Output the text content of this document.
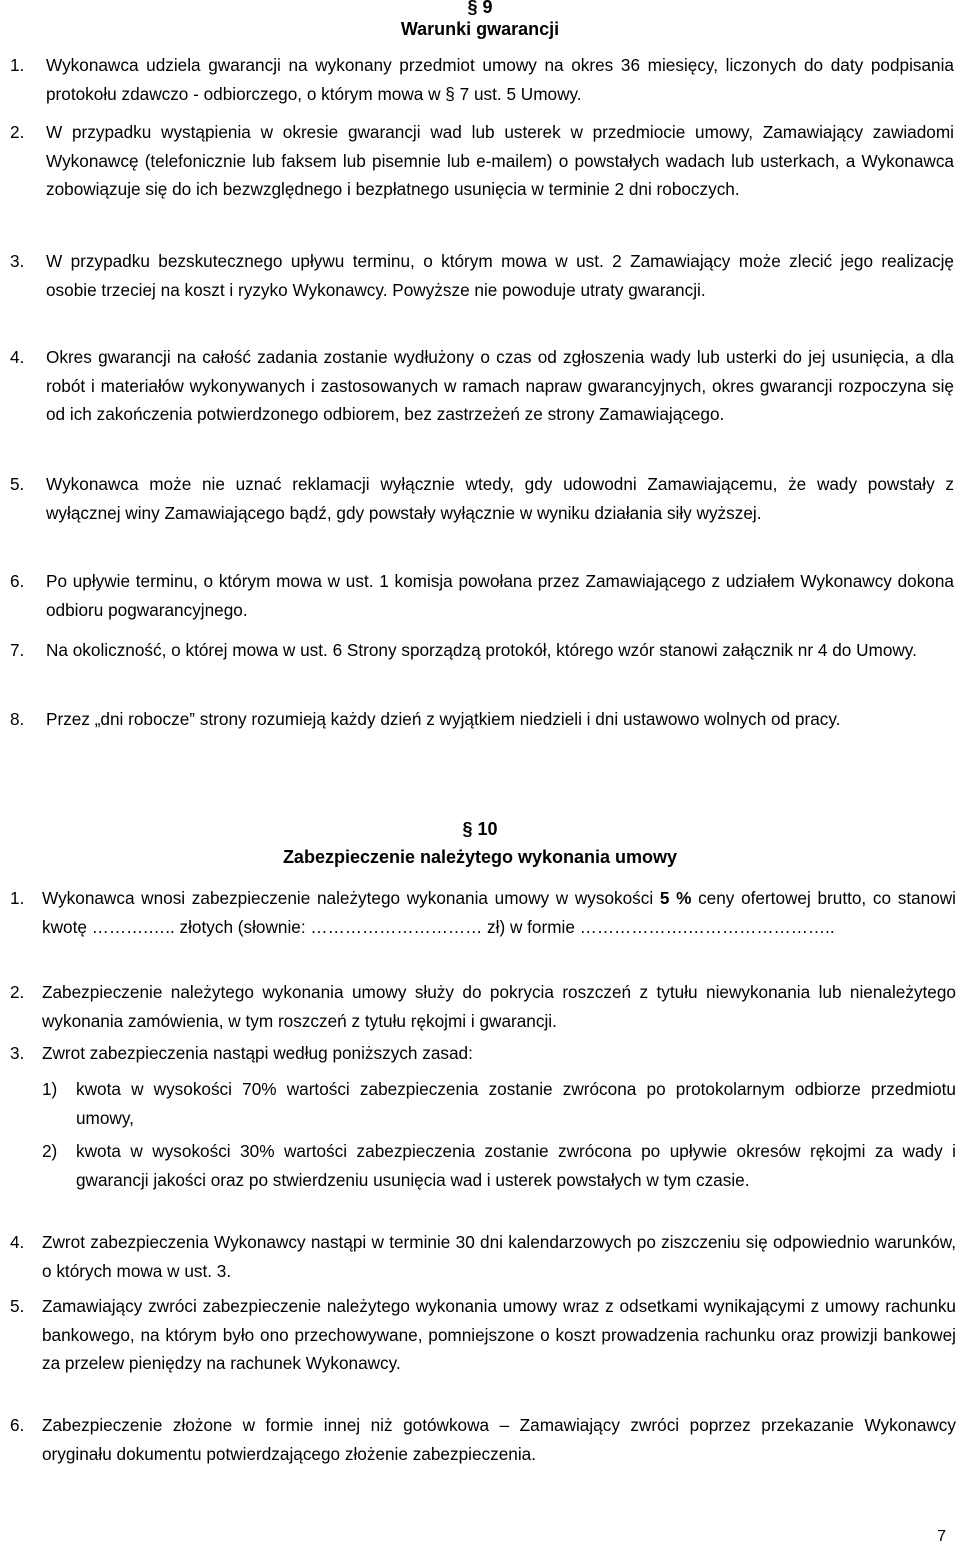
§ 9
Warunki gwarancji
1. Wykonawca udziela gwarancji na wykonany przedmiot umowy na okres 36 miesięcy, liczonych do daty podpisania protokołu zdawczo - odbiorczego, o którym mowa w § 7 ust. 5 Umowy.
2. W przypadku wystąpienia w okresie gwarancji wad lub usterek w przedmiocie umowy, Zamawiający zawiadomi Wykonawcę (telefonicznie lub faksem lub pisemnie lub e-mailem) o powstałych wadach lub usterkach, a Wykonawca zobowiązuje się do ich bezwzględnego i bezpłatnego usunięcia w terminie 2 dni roboczych.
3. W przypadku bezskutecznego upływu terminu, o którym mowa w ust. 2 Zamawiający może zlecić jego realizację osobie trzeciej na koszt i ryzyko Wykonawcy. Powyższe nie powoduje utraty gwarancji.
4. Okres gwarancji na całość zadania zostanie wydłużony o czas od zgłoszenia wady lub usterki do jej usunięcia, a dla robót i materiałów wykonywanych i zastosowanych w ramach napraw gwarancyjnych, okres gwarancji rozpoczyna się od ich zakończenia potwierdzonego odbiorem, bez zastrzeżeń ze strony Zamawiającego.
5. Wykonawca może nie uznać reklamacji wyłącznie wtedy, gdy udowodni Zamawiającemu, że wady powstały z wyłącznej winy Zamawiającego bądź, gdy powstały wyłącznie w wyniku działania siły wyższej.
6. Po upływie terminu, o którym mowa w ust. 1 komisja powołana przez Zamawiającego z udziałem Wykonawcy dokona odbioru pogwarancyjnego.
7. Na okoliczność, o której mowa w ust. 6 Strony sporządzą protokół, którego wzór stanowi załącznik nr 4 do Umowy.
8. Przez „dni robocze” strony rozumieją każdy dzień z wyjątkiem niedzieli i dni ustawowo wolnych od pracy.
§ 10
Zabezpieczenie należytego wykonania umowy
1. Wykonawca wnosi zabezpieczenie należytego wykonania umowy w wysokości 5 % ceny ofertowej brutto, co stanowi kwotę ……….….. złotych (słownie: ………………………… zł) w formie ……………….……………………..
2. Zabezpieczenie należytego wykonania umowy służy do pokrycia roszczeń z tytułu niewykonania lub nienależytego wykonania zamówienia, w tym roszczeń z tytułu rękojmi i gwarancji.
3. Zwrot zabezpieczenia nastąpi według poniższych zasad:
1) kwota w wysokości 70% wartości zabezpieczenia zostanie zwrócona po protokolarnym odbiorze przedmiotu umowy,
2) kwota w wysokości 30% wartości zabezpieczenia zostanie zwrócona po upływie okresów rękojmi za wady i gwarancji jakości oraz po stwierdzeniu usunięcia wad i usterek powstałych w tym czasie.
4. Zwrot zabezpieczenia Wykonawcy nastąpi w terminie 30 dni kalendarzowych po ziszczeniu się odpowiednio warunków, o których mowa w ust. 3.
5. Zamawiający zwróci zabezpieczenie należytego wykonania umowy wraz z odsetkami wynikającymi z umowy rachunku bankowego, na którym było ono przechowywane, pomniejszone o koszt prowadzenia rachunku oraz prowizji bankowej za przelew pieniędzy na rachunek Wykonawcy.
6. Zabezpieczenie złożone w formie innej niż gotówkowa – Zamawiający zwróci poprzez przekazanie Wykonawcy oryginału dokumentu potwierdzającego złożenie zabezpieczenia.
7
